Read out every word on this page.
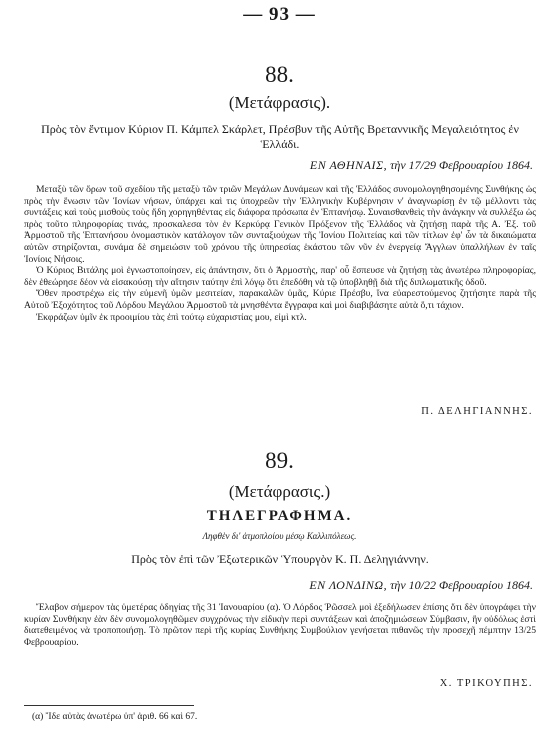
— 93 —
88.
(Μετάφρασις).
Πρὸς τὸν ἔντιμον Κύριον Π. Κάμπελ Σκάρλετ, Πρέσβυν τῆς Αὐτῆς Βρεταννικῆς Μεγαλειότητος ἐν Ἑλλάδι.
ΕΝ ΑΘΗΝΑΙΣ, τὴν 17/29 Φεβρουαρίου 1864.

Μεταξὺ τῶν ὅρων τοῦ σχεδίου τῆς μεταξὺ τῶν τριῶν Μεγάλων Δυνάμεων καὶ τῆς Ἑλλάδος συνομολογηθησομένης Συνθήκης ὡς πρὸς τὴν ἕνωσιν τῶν Ἰονίων νήσων, ὑπάρχει καὶ τις ὑποχρεῶν τὴν Ἑλληνικὴν Κυβέρνησιν ν' ἀναγνωρίσῃ ἐν τῷ μέλλοντι τὰς συντάξεις καὶ τοὺς μισθοὺς τοὺς ἤδη χορηγηθέντας εἰς διάφορα πρόσωπα ἐν Ἑπτανήσῳ. Συναισθανθεὶς τὴν ἀνάγκην νὰ συλλέξω ὡς πρὸς τοῦτο πληροφορίας τινάς, προσκαλεσα τὸν ἐν Κερκύρᾳ Γενικὸν Πρόξενον τῆς Ἑλλάδος νὰ ζητήσῃ παρὰ τῆς Α. Ἐξ. τοῦ Ἁρμοστοῦ τῆς Ἑπτανήσου ὀνομαστικὸν κατάλογον τῶν συνταξιούχων τῆς Ἰονίου Πολιτείας καὶ τῶν τίτλων ἐφ' ὧν τὰ δικαιώματα αὐτῶν στηρίζονται, συνάμα δὲ σημειώσιν τοῦ χρόνου τῆς ὑπηρεσίας ἑκάστου τῶν νῦν ἐν ἐνεργείᾳ Ἄγγλων ὑπαλλήλων ἐν ταῖς Ἰονίοις Νήσοις.

Ὁ Κύριος Βιτάλης μοὶ ἐγνωστοποίησεν, εἰς ἀπάντησιν, ὅτι ὁ Ἁρμοστὴς, παρ' οὗ ἔσπευσε νὰ ζητήσῃ τὰς ἀνωτέρω πληροφορίας, δὲν ἐθεώρησε δέον νὰ εἰσακούσῃ τὴν αἴτησιν ταύτην ἐπὶ λόγῳ ὅτι ἐπεδόθη νὰ τῷ ὑποβληθῇ διὰ τῆς διπλωματικῆς ὁδοῦ.

Ὅθεν προστρέχω εἰς τὴν εὐμενῆ ὑμῶν μεσιτείαν, παρακαλῶν ὑμᾶς, Κύριε Πρέσβυ, ἵνα εὐαρεστούμενος ζητήσητε παρὰ τῆς Αὐτοῦ Ἐξοχότητος τοῦ Λόρδου Μεγάλου Ἁρμοστοῦ τὰ μνησθέντα ἔγγραφα καὶ μοὶ διαβιβάσητε αὐτὰ ὅ,τι τάχιον.

Ἐκφράζων ὑμῖν ἐκ προοιμίου τὰς ἐπὶ τούτῳ εὐχαριστίας μου, εἰμὶ κτλ.

Π. ΔΕΛΗΓΙΑΝΝΗΣ.
89.
(Μετάφρασις.)
ΤΗΛΕΓΡΑΦΗΜΑ.
Ληφθὲν δι' ἀτμοπλοίου μέσῳ Καλλιπόλεως.
Πρὸς τὸν ἐπὶ τῶν Ἐξωτερικῶν Ὑπουργὸν Κ. Π. Δεληγιάννην.
ΕΝ ΛΟΝΔΙΝΩ, τὴν 10/22 Φεβρουαρίου 1864.

Ἔλαβον σήμερον τὰς ὑμετέρας ὁδηγίας τῆς 31 Ἰανουαρίου (α). Ὁ Λόρδος Ῥῶσσελ μοὶ ἐξεδήλωσεν ἐπίσης ὅτι δὲν ὑπογράφει τὴν κυρίαν Συνθήκην ἐὰν δὲν συνομολογηθῶμεν συγχρόνως τὴν εἰδικὴν περὶ συντάξεων καὶ ἀποζημιώσεων Σύμβασιν, ἣν οὐδόλως ἐστὶ διατεθειμένος νὰ τροποποιήσῃ. Τὸ πρῶτον περὶ τῆς κυρίας Συνθήκης Συμβούλιον γενήσεται πιθανῶς τὴν προσεχῆ πέμπτην 13/25 Φεβρουαρίου.

Χ. ΤΡΙΚΟΥΠΗΣ.
(α) Ἴδε αὐτὰς ἀνωτέρω ὑπ' ἀριθ. 66 καὶ 67.
